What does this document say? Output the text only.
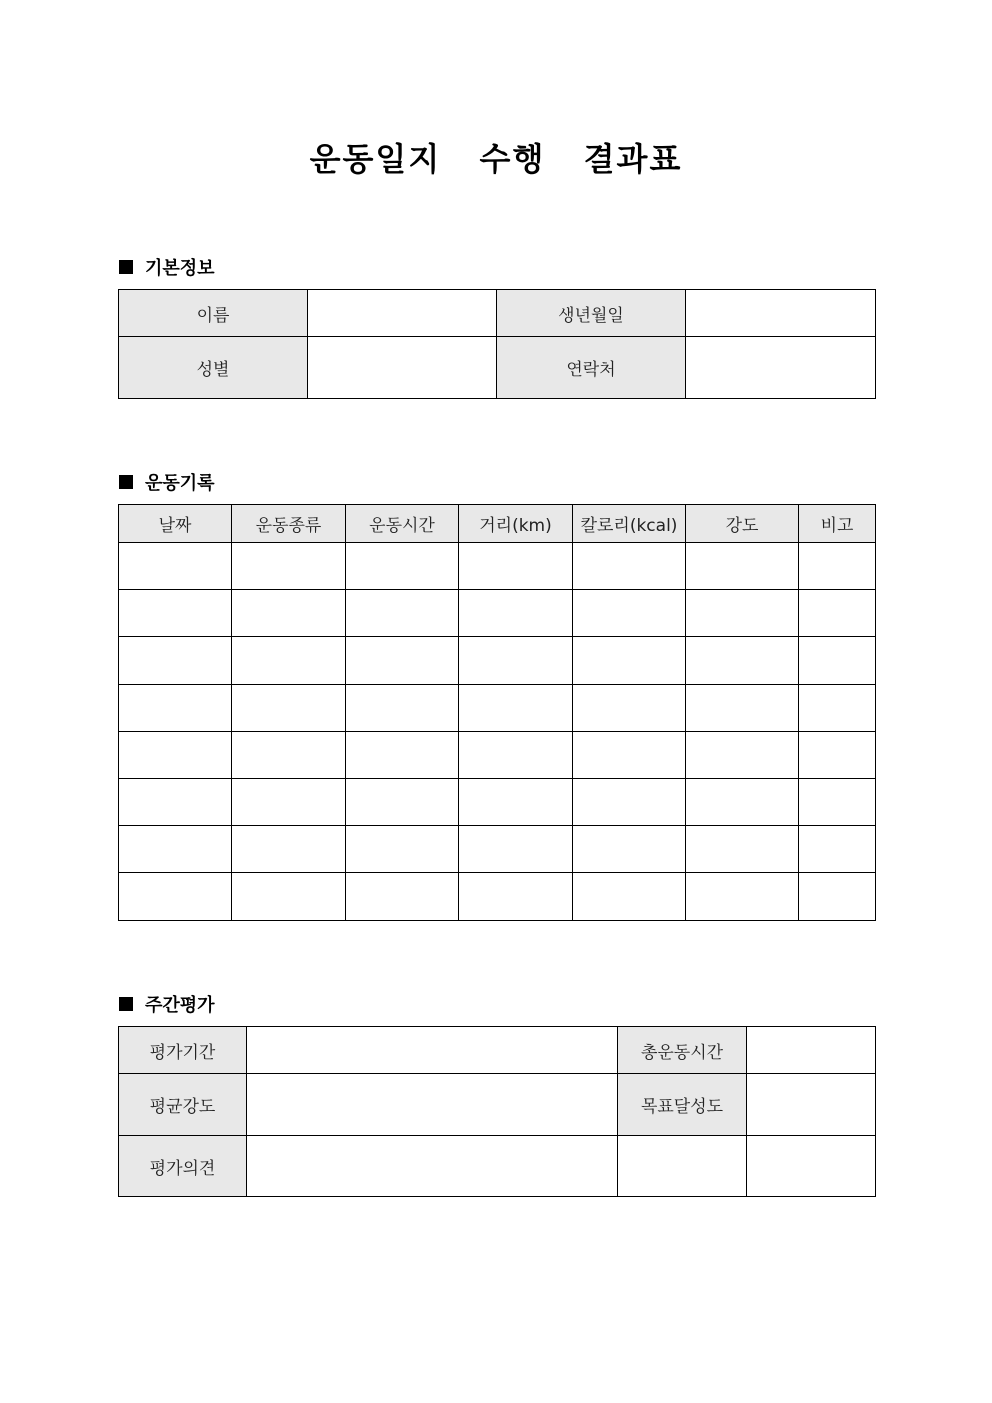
운동일지  수행  결과표
기본정보
이름		생년월일	
성별		연락처	
운동기록
날짜	운동종류	운동시간	거리(km)	칼로리(kcal)	강도	비고

주간평가
평가기간		총운동시간	
평균강도		목표달성도	
평가의견			
